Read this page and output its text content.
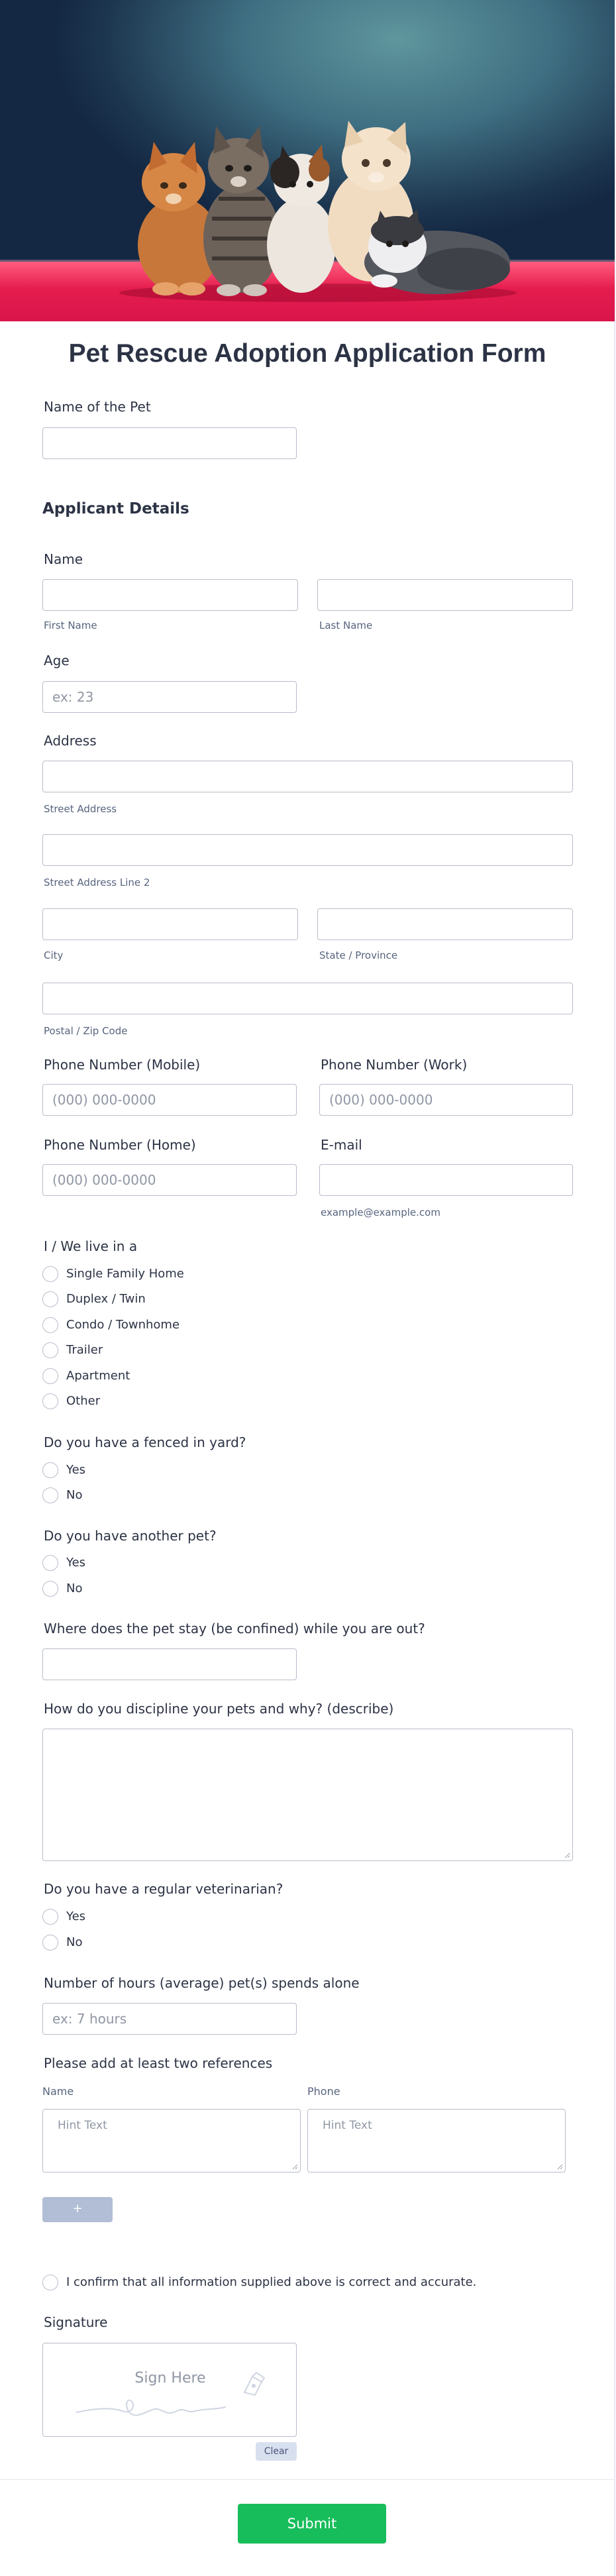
Pet Rescue Adoption Application Form
Name of the Pet
Applicant Details
Name
First Name	Last Name
Age
ex: 23
Address
Street Address
Street Address Line 2
City	State / Province
Postal / Zip Code
Phone Number (Mobile)	Phone Number (Work)
(000) 000-0000	(000) 000-0000
Phone Number (Home)	E-mail
(000) 000-0000
example@example.com
I / We live in a
Single Family Home
Duplex / Twin
Condo / Townhome
Trailer
Apartment
Other
Do you have a fenced in yard?
Yes
No
Do you have another pet?
Yes
No
Where does the pet stay (be confined) while you are out?
How do you discipline your pets and why? (describe)
Do you have a regular veterinarian?
Yes
No
Number of hours (average) pet(s) spends alone
ex: 7 hours
Please add at least two references
Name	Phone
Hint Text	Hint Text
+
I confirm that all information supplied above is correct and accurate.
Signature
Sign Here
Clear
Submit
